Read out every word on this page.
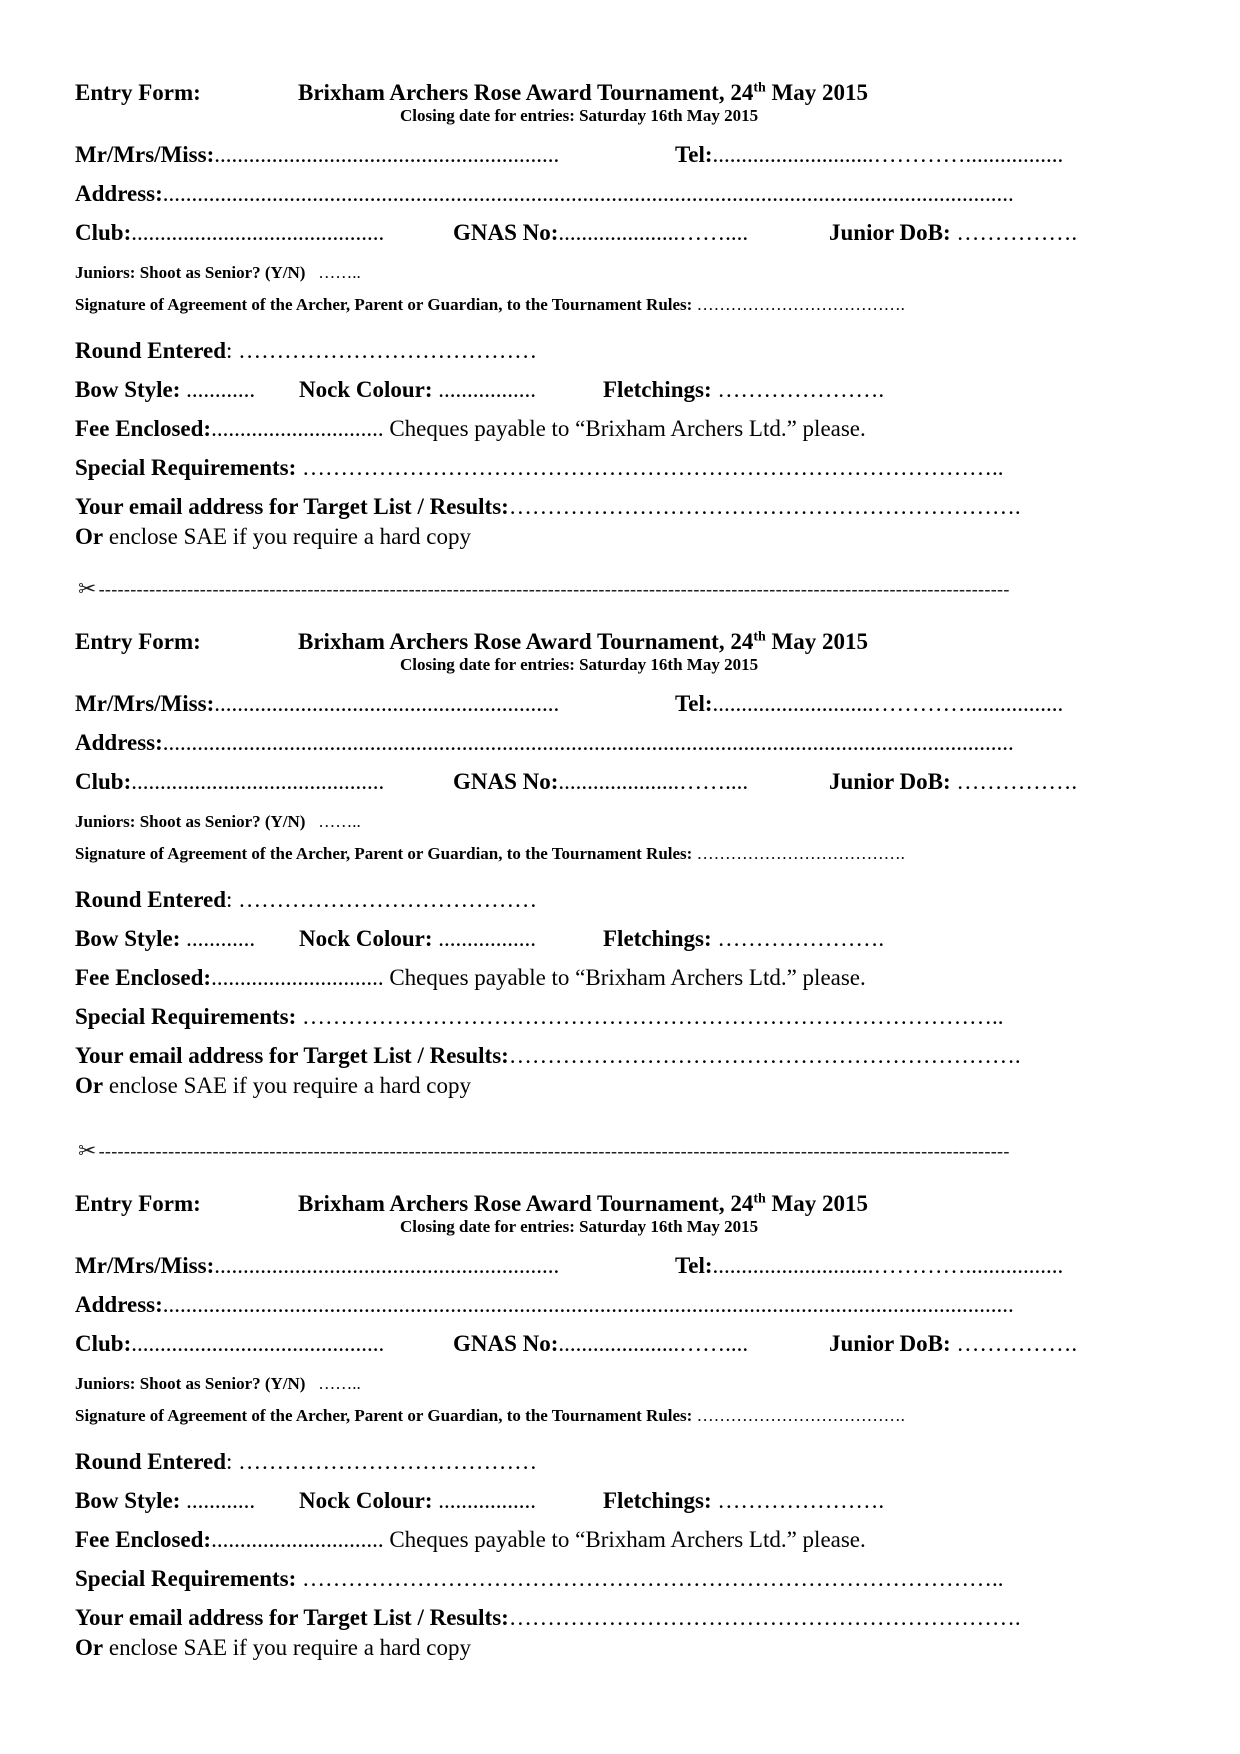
Entry Form:	Brixham Archers Rose Award Tournament, 24th May 2015
Closing date for entries: Saturday 16th May 2015
Mr/Mrs/Miss:............................................................	Tel:............................………….................
Address:....................................................................................................................................................
Club:............................................	GNAS No:.....................……....	Junior DoB: …………….
Juniors: Shoot as Senior? (Y/N) ……..
Signature of Agreement of the Archer, Parent or Guardian, to the Tournament Rules: ……………………………….
Round Entered: …………………………………
Bow Style: ............ Nock Colour: .................	Fletchings: ………………….
Fee Enclosed:.............................. Cheques payable to “Brixham Archers Ltd.” please.
Special Requirements: ………………………………………………………………………………..
Your email address for Target List / Results:………………………………………………………….
Or enclose SAE if you require a hard copy
✂ ------------------------------------------------------------------------------------------------------------------------------------------------
Entry Form:	Brixham Archers Rose Award Tournament, 24th May 2015
Closing date for entries: Saturday 16th May 2015
Mr/Mrs/Miss:............................................................	Tel:............................………….................
Address:....................................................................................................................................................
Club:............................................	GNAS No:.....................……....	Junior DoB: …………….
Juniors: Shoot as Senior? (Y/N) ……..
Signature of Agreement of the Archer, Parent or Guardian, to the Tournament Rules: ……………………………….
Round Entered: …………………………………
Bow Style: ............ Nock Colour: .................	Fletchings: ………………….
Fee Enclosed:.............................. Cheques payable to “Brixham Archers Ltd.” please.
Special Requirements: ………………………………………………………………………………..
Your email address for Target List / Results:………………………………………………………….
Or enclose SAE if you require a hard copy
✂ ------------------------------------------------------------------------------------------------------------------------------------------------
Entry Form:	Brixham Archers Rose Award Tournament, 24th May 2015
Closing date for entries: Saturday 16th May 2015
Mr/Mrs/Miss:............................................................	Tel:............................………….................
Address:....................................................................................................................................................
Club:............................................	GNAS No:.....................……....	Junior DoB: …………….
Juniors: Shoot as Senior? (Y/N) ……..
Signature of Agreement of the Archer, Parent or Guardian, to the Tournament Rules: ……………………………….
Round Entered: …………………………………
Bow Style: ............ Nock Colour: .................	Fletchings: ………………….
Fee Enclosed:.............................. Cheques payable to “Brixham Archers Ltd.” please.
Special Requirements: ………………………………………………………………………………..
Your email address for Target List / Results:………………………………………………………….
Or enclose SAE if you require a hard copy
